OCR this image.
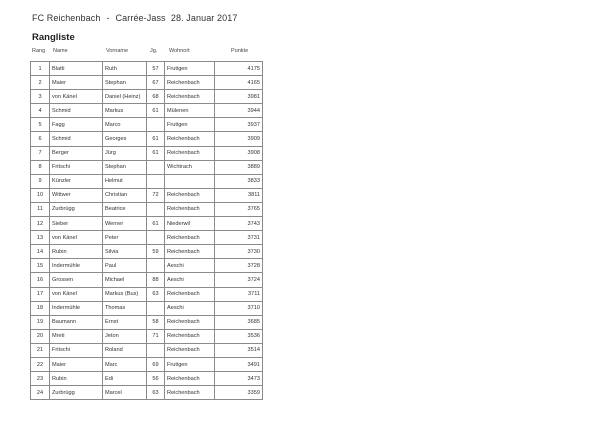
FC Reichenbach - Carrée-Jass 28. Januar 2017
Rangliste
Rang Name	Vorname	Jg. Wohnort	Punkte
1	Blatti	Ruth	57	Frutigen	4175
2	Maier	Stephan	67	Reichenbach	4165
3	von Känel	Daniel (Heinz)	68	Reichenbach	3981
4	Schmid	Markus	61	Mülenen	3944
5	Fagg	Marco		Frutigen	3937
6	Schmid	Georges	61	Reichenbach	3909
7	Berger	Jürg	61	Reichenbach	3908
8	Fritschi	Stephan		Wichtrach	3889
9	Künzler	Helmut			3833
10	Wittwer	Christian	72	Reichenbach	3811
11	Zurbrügg	Beatrice		Reichenbach	3765
12	Sieber	Werner	61	Niederwil	3743
13	von Känel	Peter		Reichenbach	3731
14	Rubin	Silvia	59	Reichenbach	3730
15	Indermühle	Paul		Aeschi	3728
16	Grossen	Michael	88	Aeschi	3724
17	von Känel	Markus (Bus)	63	Reichenbach	3711
18	Indermühle	Thomas		Aeschi	3710
19	Baumann	Ernst	58	Reichenbach	3685
20	Mreti	Jeton	71	Reichenbach	3536
21	Fritschi	Roland		Reichenbach	3514
22	Maier	Marc	69	Frutigen	3491
23	Rubin	Edi	56	Reichenbach	3473
24	Zurbrügg	Marcel	63	Reichenbach	3359
